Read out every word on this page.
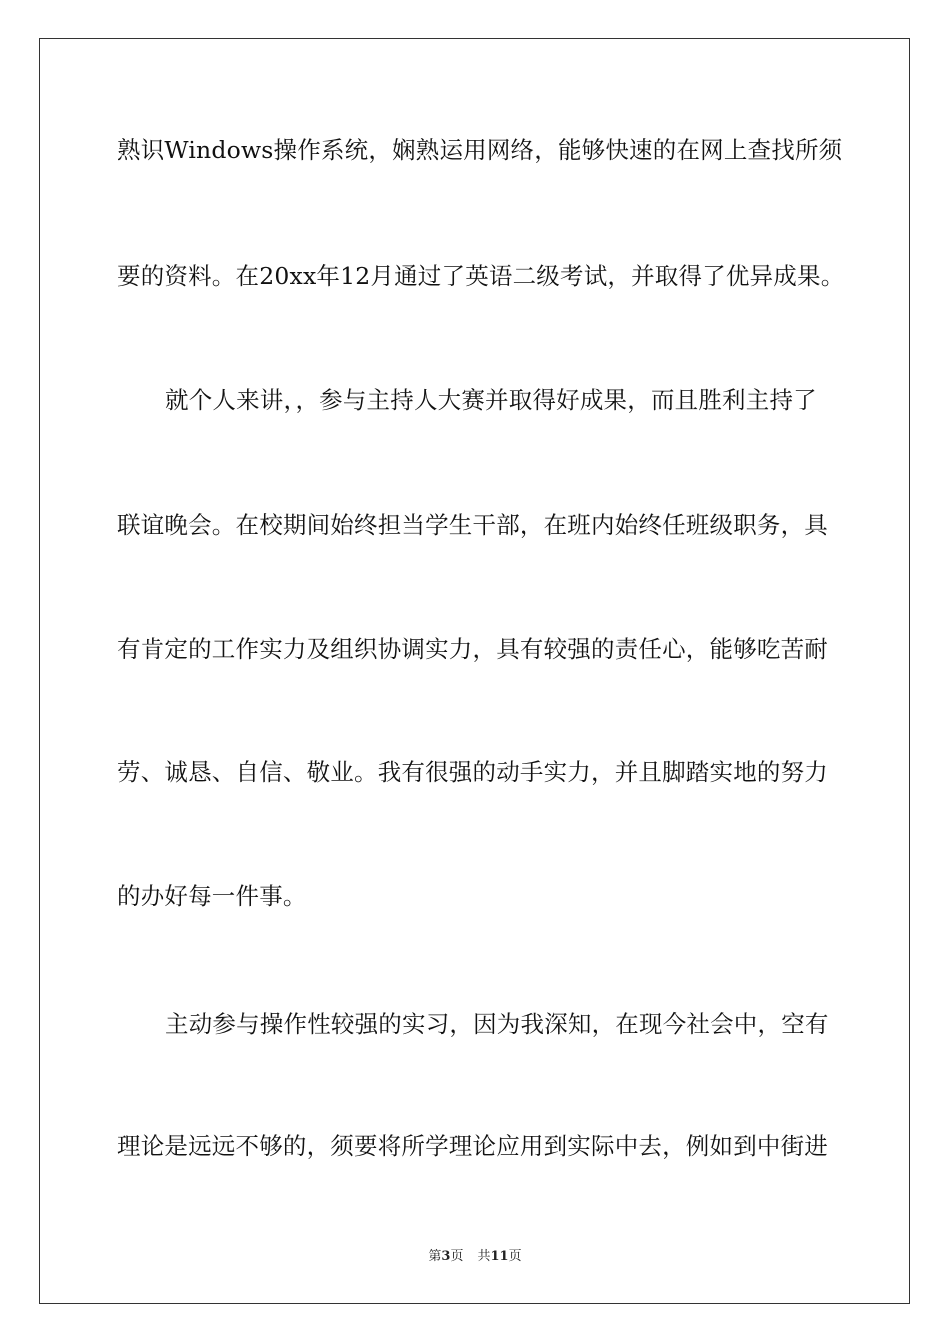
熟识Windows操作系统，娴熟运用网络，能够快速的在网上查找所须
要的资料。在20xx年12月通过了英语二级考试，并取得了优异成果。
就个人来讲，，参与主持人大赛并取得好成果，而且胜利主持了
联谊晚会。在校期间始终担当学生干部，在班内始终任班级职务，具
有肯定的工作实力及组织协调实力，具有较强的责任心，能够吃苦耐
劳、诚恳、自信、敬业。我有很强的动手实力，并且脚踏实地的努力
的办好每一件事。
主动参与操作性较强的实习，因为我深知，在现今社会中，空有
理论是远远不够的，须要将所学理论应用到实际中去，例如到中街进
第3页 共11页
